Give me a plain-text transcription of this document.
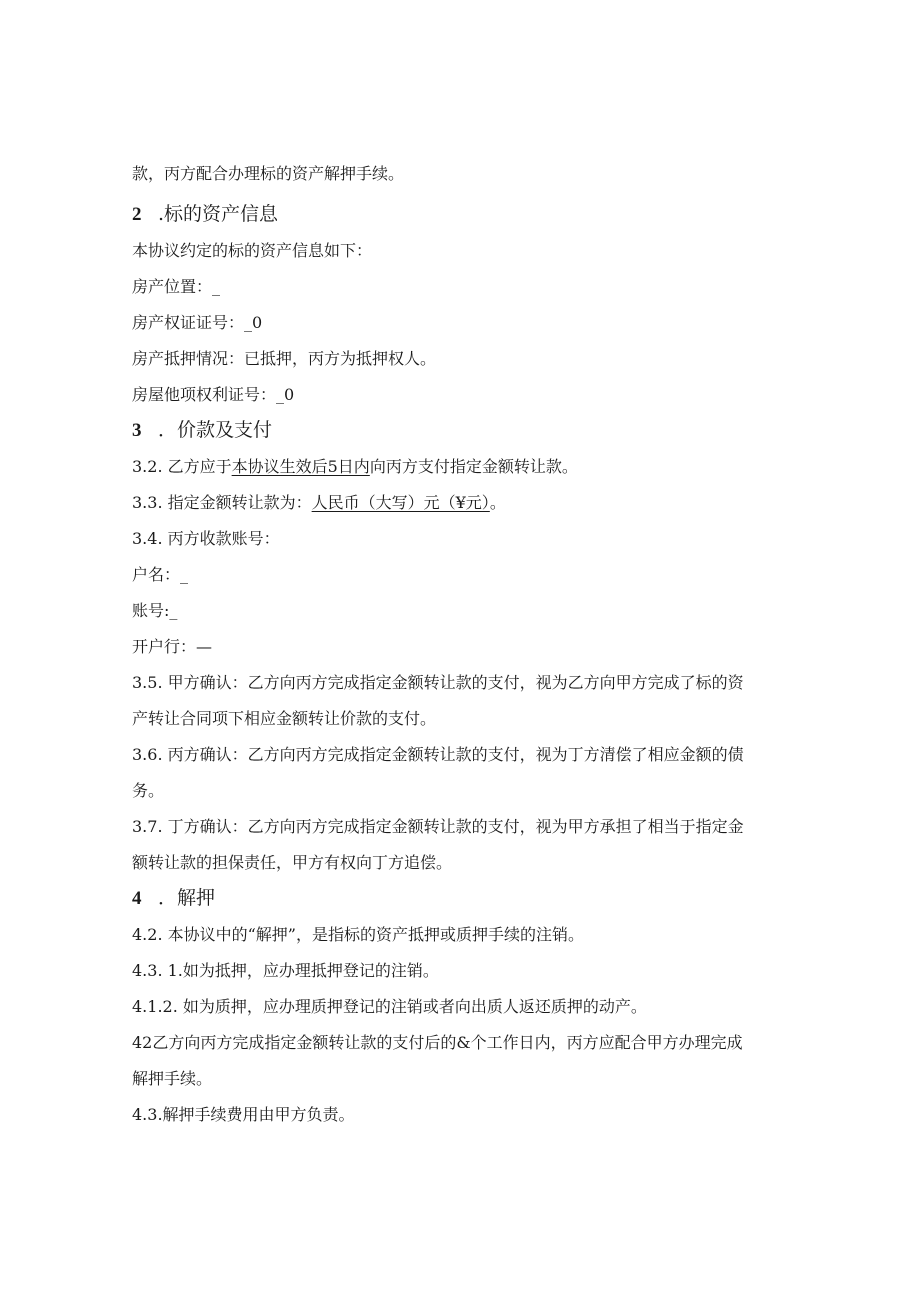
款，丙方配合办理标的资产解押手续。
2 .标的资产信息
本协议约定的标的资产信息如下：
房产位置：_
房产权证证号：_0
房产抵押情况：已抵押，丙方为抵押权人。
房屋他项权利证号：_0
3 ．价款及支付
3.2. 乙方应于本协议生效后5日内向丙方支付指定金额转让款。
3.3. 指定金额转让款为：人民币（大写）元（¥元）。
3.4. 丙方收款账号：
户名：_
账号:_
开户行：—
3.5. 甲方确认：乙方向丙方完成指定金额转让款的支付，视为乙方向甲方完成了标的资
产转让合同项下相应金额转让价款的支付。
3.6. 丙方确认：乙方向丙方完成指定金额转让款的支付，视为丁方清偿了相应金额的债
务。
3.7. 丁方确认：乙方向丙方完成指定金额转让款的支付，视为甲方承担了相当于指定金
额转让款的担保责任，甲方有权向丁方追偿。
4 ．解押
4.2. 本协议中的“解押”，是指标的资产抵押或质押手续的注销。
4.3. 1.如为抵押，应办理抵押登记的注销。
4.1.2. 如为质押，应办理质押登记的注销或者向出质人返还质押的动产。
42乙方向丙方完成指定金额转让款的支付后的&个工作日内，丙方应配合甲方办理完成
解押手续。
4.3.解押手续费用由甲方负责。
